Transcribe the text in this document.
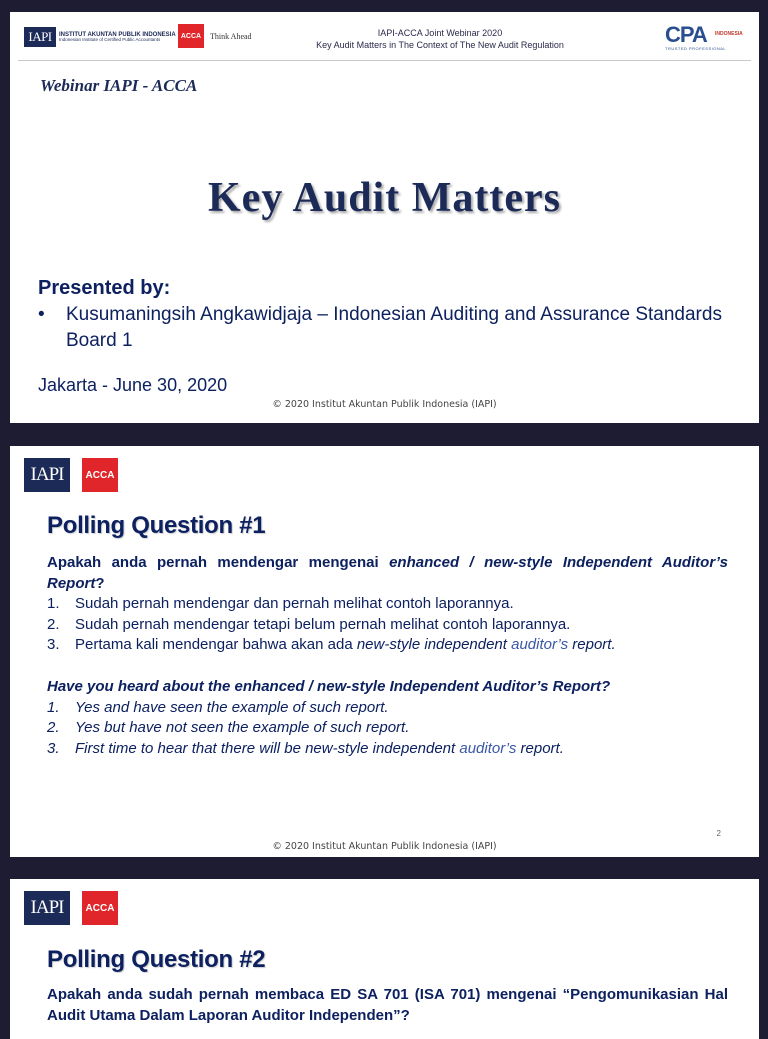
IAPI	INSTITUT AKUNTAN PUBLIK INDONESIA
Indonesian Institute of Certified Public Accountants	ACCA	Think Ahead	IAPI-ACCA Joint Webinar 2020
Key Audit Matters in The Context of The New Audit Regulation	CPA	INDONESIA
TRUSTED PROFESSIONAL
Webinar IAPI - ACCA
Key Audit Matters
Presented by:
•	Kusumaningsih Angkawidjaja – Indonesian Auditing and Assurance Standards Board 1
Jakarta - June 30, 2020
© 2020 Institut Akuntan Publik Indonesia (IAPI)
IAPI	ACCA
Polling Question #1
Apakah anda pernah mendengar mengenai enhanced / new-style Independent Auditor’s Report?
1.	Sudah pernah mendengar dan pernah melihat contoh laporannya.
2.	Sudah pernah mendengar tetapi belum pernah melihat contoh laporannya.
3.	Pertama kali mendengar bahwa akan ada new-style independent auditor’s report.
Have you heard about the enhanced / new-style Independent Auditor’s Report?
1.	Yes and have seen the example of such report.
2.	Yes but have not seen the example of such report.
3.	First time to hear that there will be new-style independent auditor’s report.
2
© 2020 Institut Akuntan Publik Indonesia (IAPI)
IAPI	ACCA
Polling Question #2
Apakah anda sudah pernah membaca ED SA 701 (ISA 701) mengenai “Pengomunikasian Hal Audit Utama Dalam Laporan Auditor Independen”?
